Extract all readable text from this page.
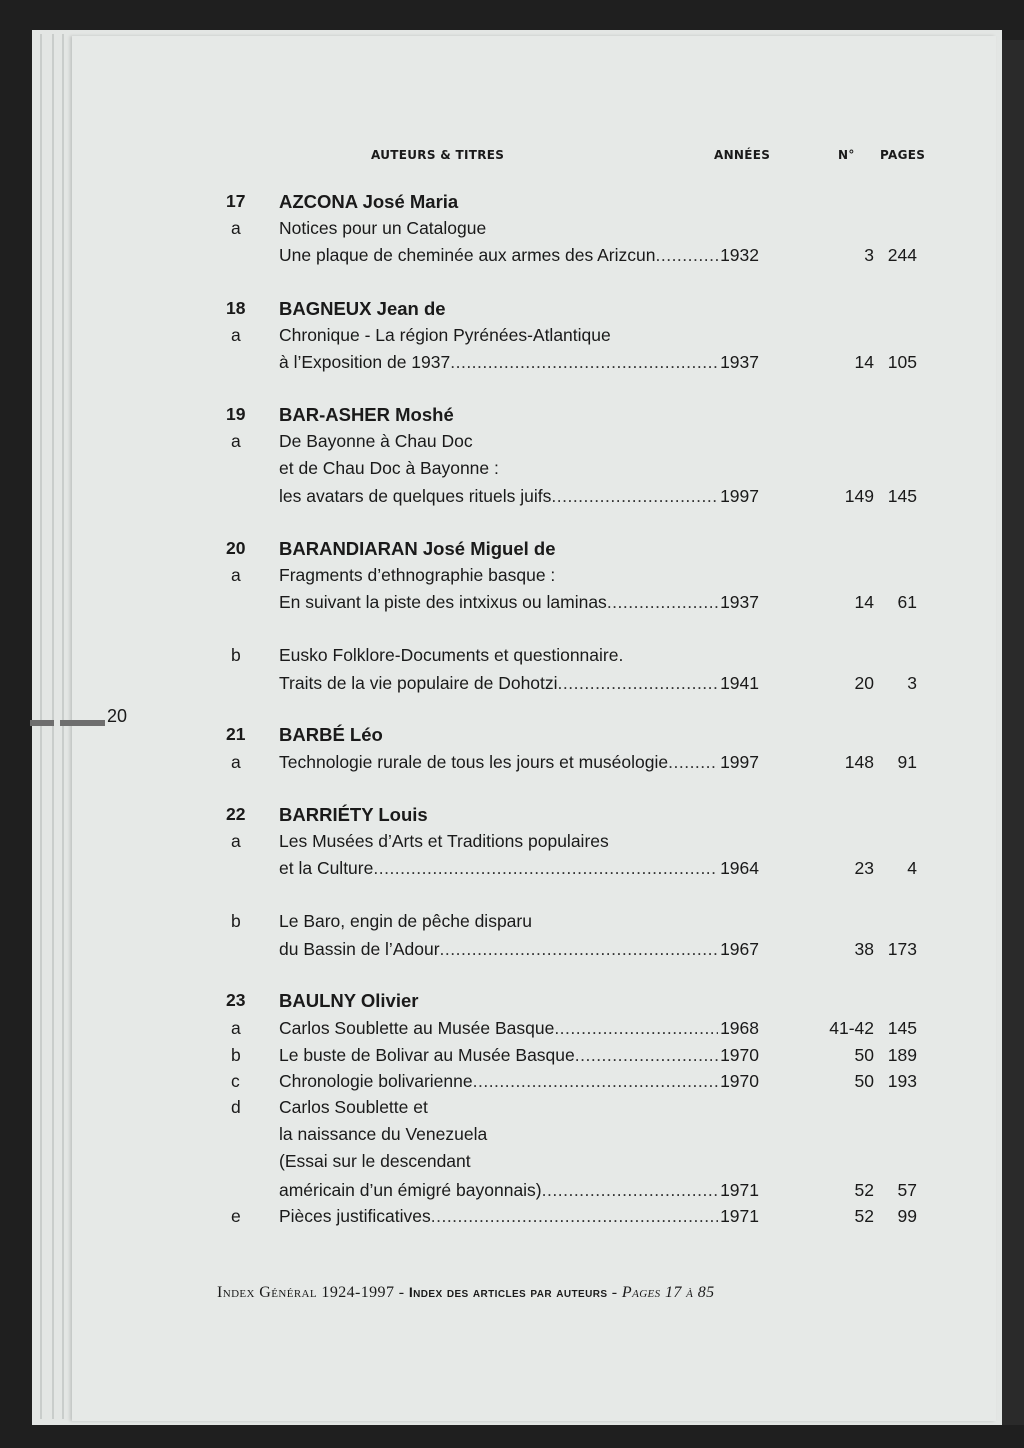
AUTEURS & TITRES	ANNÉES	N° PAGES
17	AZCONA José Maria
a	Notices pour un Catalogue
Une plaque de cheminée aux armes des Arizcun .....	1932	3 244
18	BAGNEUX Jean de
a	Chronique - La région Pyrénées-Atlantique
à l’Exposition de 1937 .....	1937	14 105
19	BAR-ASHER Moshé
a	De Bayonne à Chau Doc
et de Chau Doc à Bayonne :
les avatars de quelques rituels juifs .....	1997	149 145
20	BARANDIARAN José Miguel de
a	Fragments d’ethnographie basque :
En suivant la piste des intxixus ou laminas .....	1937	14 61
b	Eusko Folklore-Documents et questionnaire.
Traits de la vie populaire de Dohotzi .....	1941	20 3
21	BARBÉ Léo
a	Technologie rurale de tous les jours et muséologie .....	1997	148 91
22	BARRIÉTY Louis
a	Les Musées d’Arts et Traditions populaires
et la Culture .....	1964	23 4
b	Le Baro, engin de pêche disparu
du Bassin de l’Adour .....	1967	38 173
23	BAULNY Olivier
a	Carlos Soublette au Musée Basque .....	1968	41-42 145
b	Le buste de Bolivar au Musée Basque .....	1970	50 189
c	Chronologie bolivarienne .....	1970	50 193
d	Carlos Soublette et
la naissance du Venezuela
(Essai sur le descendant
américain d’un émigré bayonnais) .....	1971	52 57
e	Pièces justificatives .....	1971	52 99
20
Index Général 1924-1997 - Index des articles par auteurs - Pages 17 à 85
